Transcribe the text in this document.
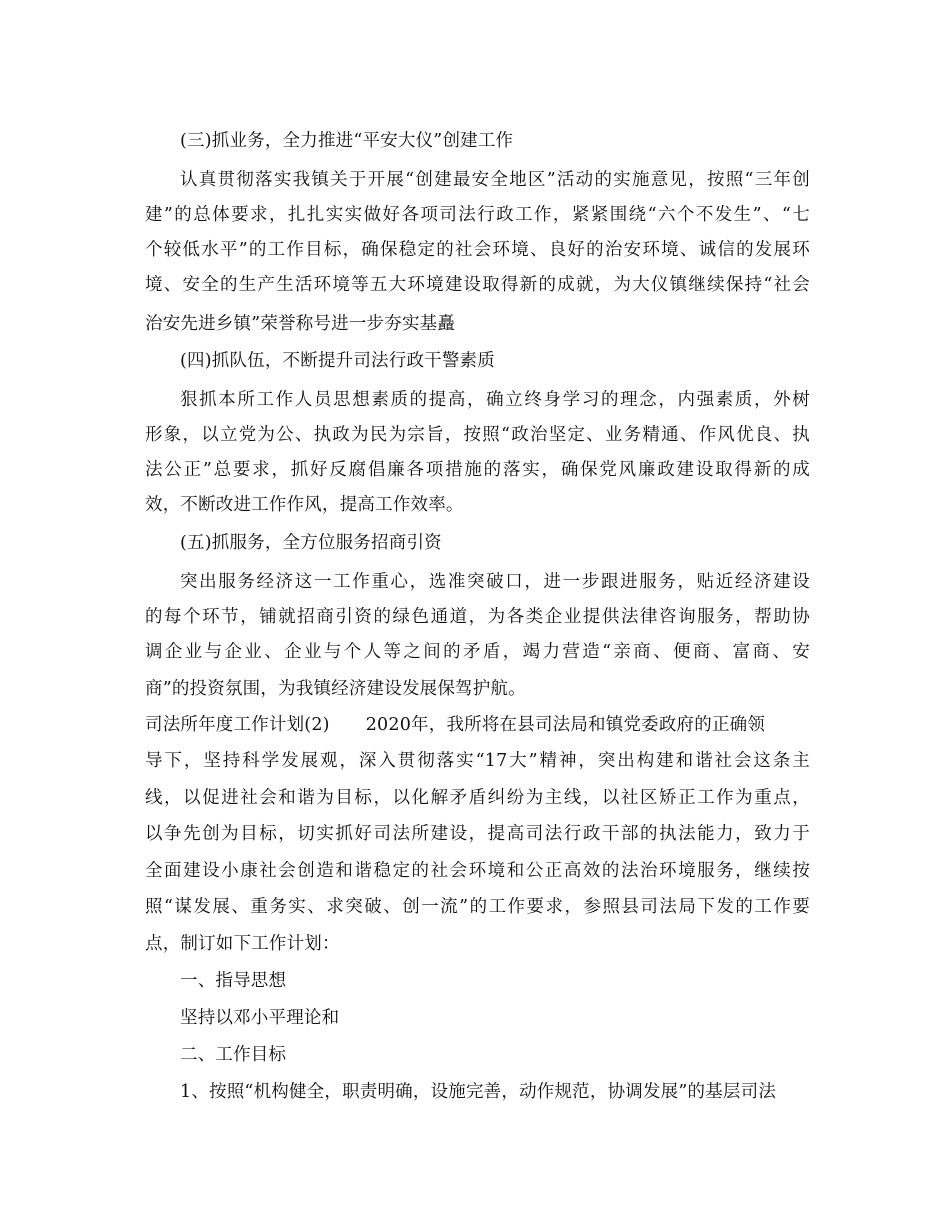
(三)抓业务，全力推进“平安大仪”创建工作
认真贯彻落实我镇关于开展“创建最安全地区”活动的实施意见，按照“三年创
建”的总体要求，扎扎实实做好各项司法行政工作，紧紧围绕“六个不发生”、“七
个较低水平”的工作目标，确保稳定的社会环境、良好的治安环境、诚信的发展环
境、安全的生产生活环境等五大环境建设取得新的成就，为大仪镇继续保持“社会
治安先进乡镇”荣誉称号进一步夯实基矗
(四)抓队伍，不断提升司法行政干警素质
狠抓本所工作人员思想素质的提高，确立终身学习的理念，内强素质，外树
形象，以立党为公、执政为民为宗旨，按照“政治坚定、业务精通、作风优良、执
法公正”总要求，抓好反腐倡廉各项措施的落实，确保党风廉政建设取得新的成
效，不断改进工作作风，提高工作效率。
(五)抓服务，全方位服务招商引资
突出服务经济这一工作重心，选准突破口，进一步跟进服务，贴近经济建设
的每个环节，铺就招商引资的绿色通道，为各类企业提供法律咨询服务，帮助协
调企业与企业、企业与个人等之间的矛盾，竭力营造“亲商、便商、富商、安
商”的投资氛围，为我镇经济建设发展保驾护航。
司法所年度工作计划(2) 2020年，我所将在县司法局和镇党委政府的正确领
导下，坚持科学发展观，深入贯彻落实“17大”精神，突出构建和谐社会这条主
线，以促进社会和谐为目标，以化解矛盾纠纷为主线，以社区矫正工作为重点，
以争先创为目标，切实抓好司法所建设，提高司法行政干部的执法能力，致力于
全面建设小康社会创造和谐稳定的社会环境和公正高效的法治环境服务，继续按
照“谋发展、重务实、求突破、创一流”的工作要求，参照县司法局下发的工作要
点，制订如下工作计划：
一、指导思想
坚持以邓小平理论和
二、工作目标
1、按照“机构健全，职责明确，设施完善，动作规范，协调发展”的基层司法
